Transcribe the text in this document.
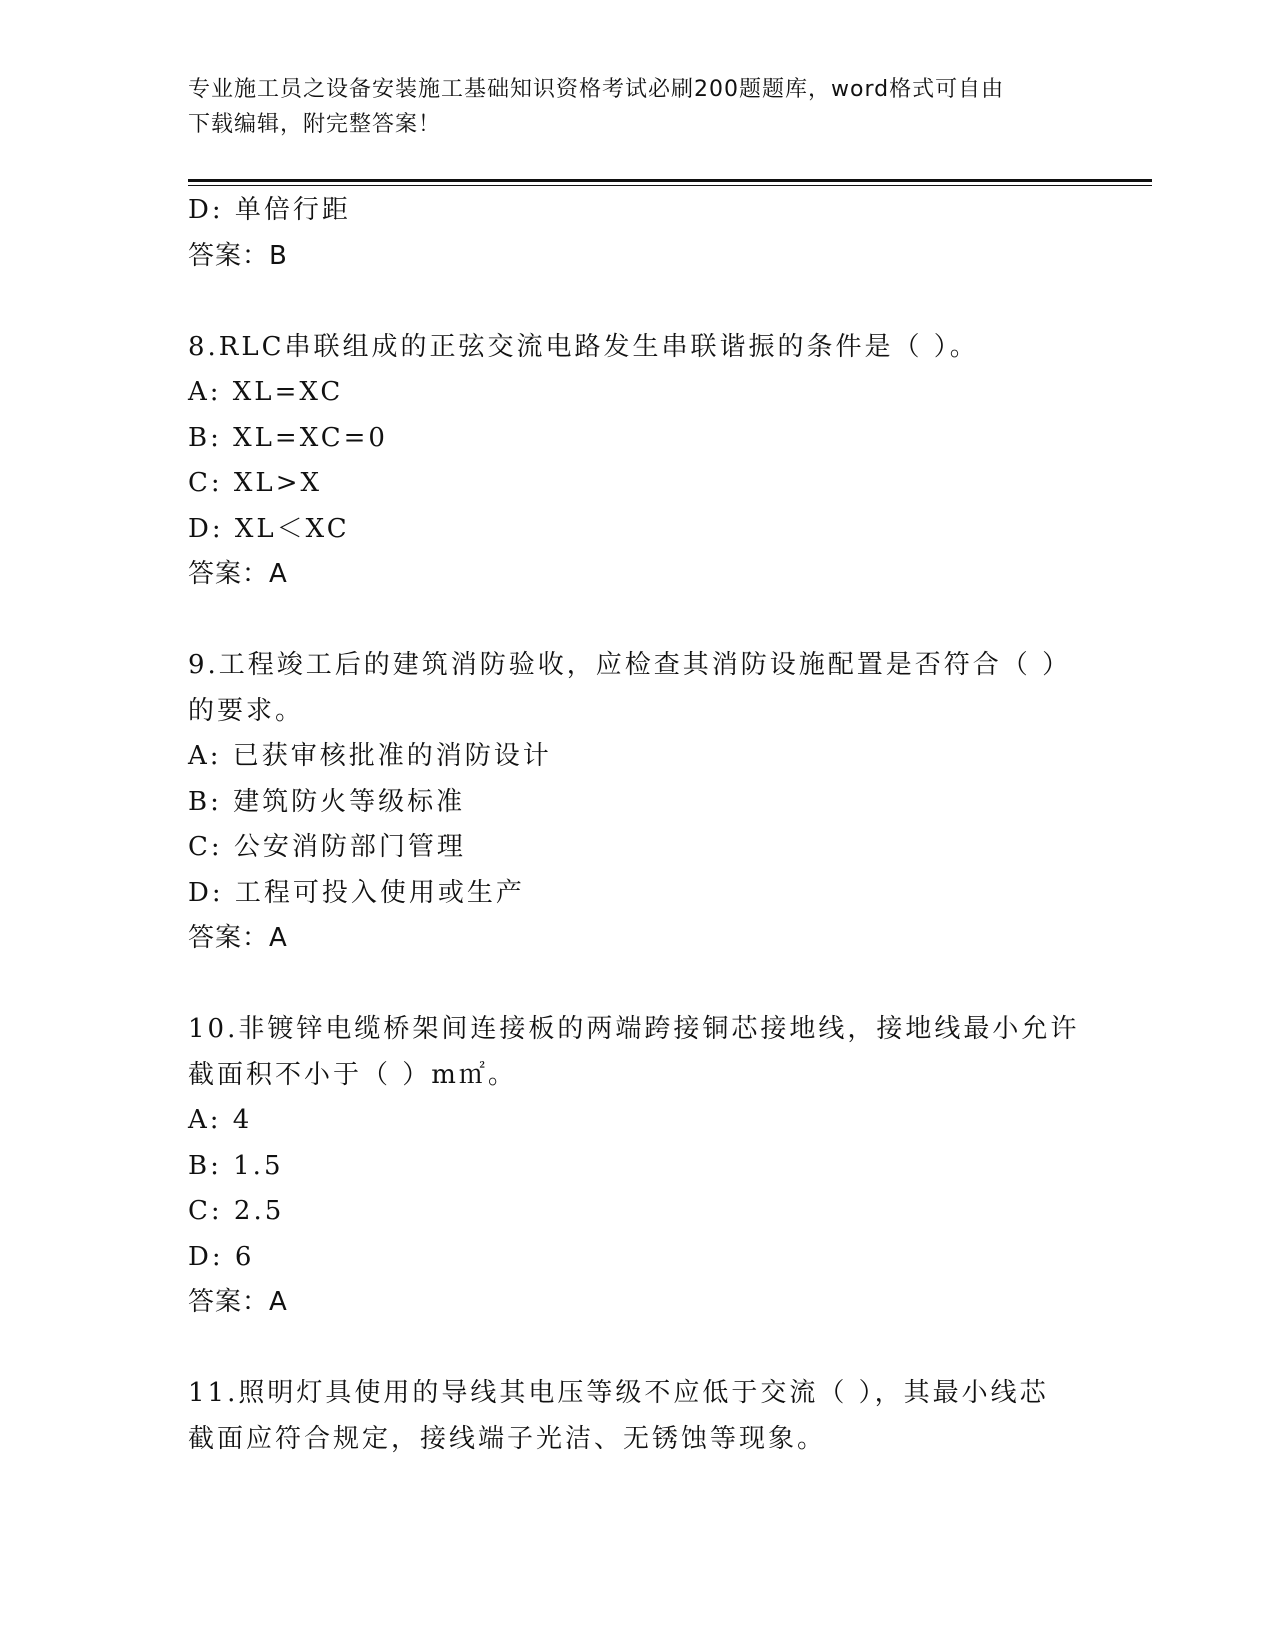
专业施工员之设备安装施工基础知识资格考试必刷200题题库，word格式可自由
下载编辑，附完整答案！
D: 单倍行距
答案：B
8.RLC串联组成的正弦交流电路发生串联谐振的条件是（ ）。
A: XL=XC
B: XL=XC=0
C: XL>X
D: XL＜XC
答案：A
9.工程竣工后的建筑消防验收，应检查其消防设施配置是否符合（ ）
的要求。
A: 已获审核批准的消防设计
B: 建筑防火等级标准
C: 公安消防部门管理
D: 工程可投入使用或生产
答案：A
10.非镀锌电缆桥架间连接板的两端跨接铜芯接地线，接地线最小允许
截面积不小于（ ）m㎡。
A: 4
B: 1.5
C: 2.5
D: 6
答案：A
11.照明灯具使用的导线其电压等级不应低于交流（ ），其最小线芯
截面应符合规定，接线端子光洁、无锈蚀等现象。
